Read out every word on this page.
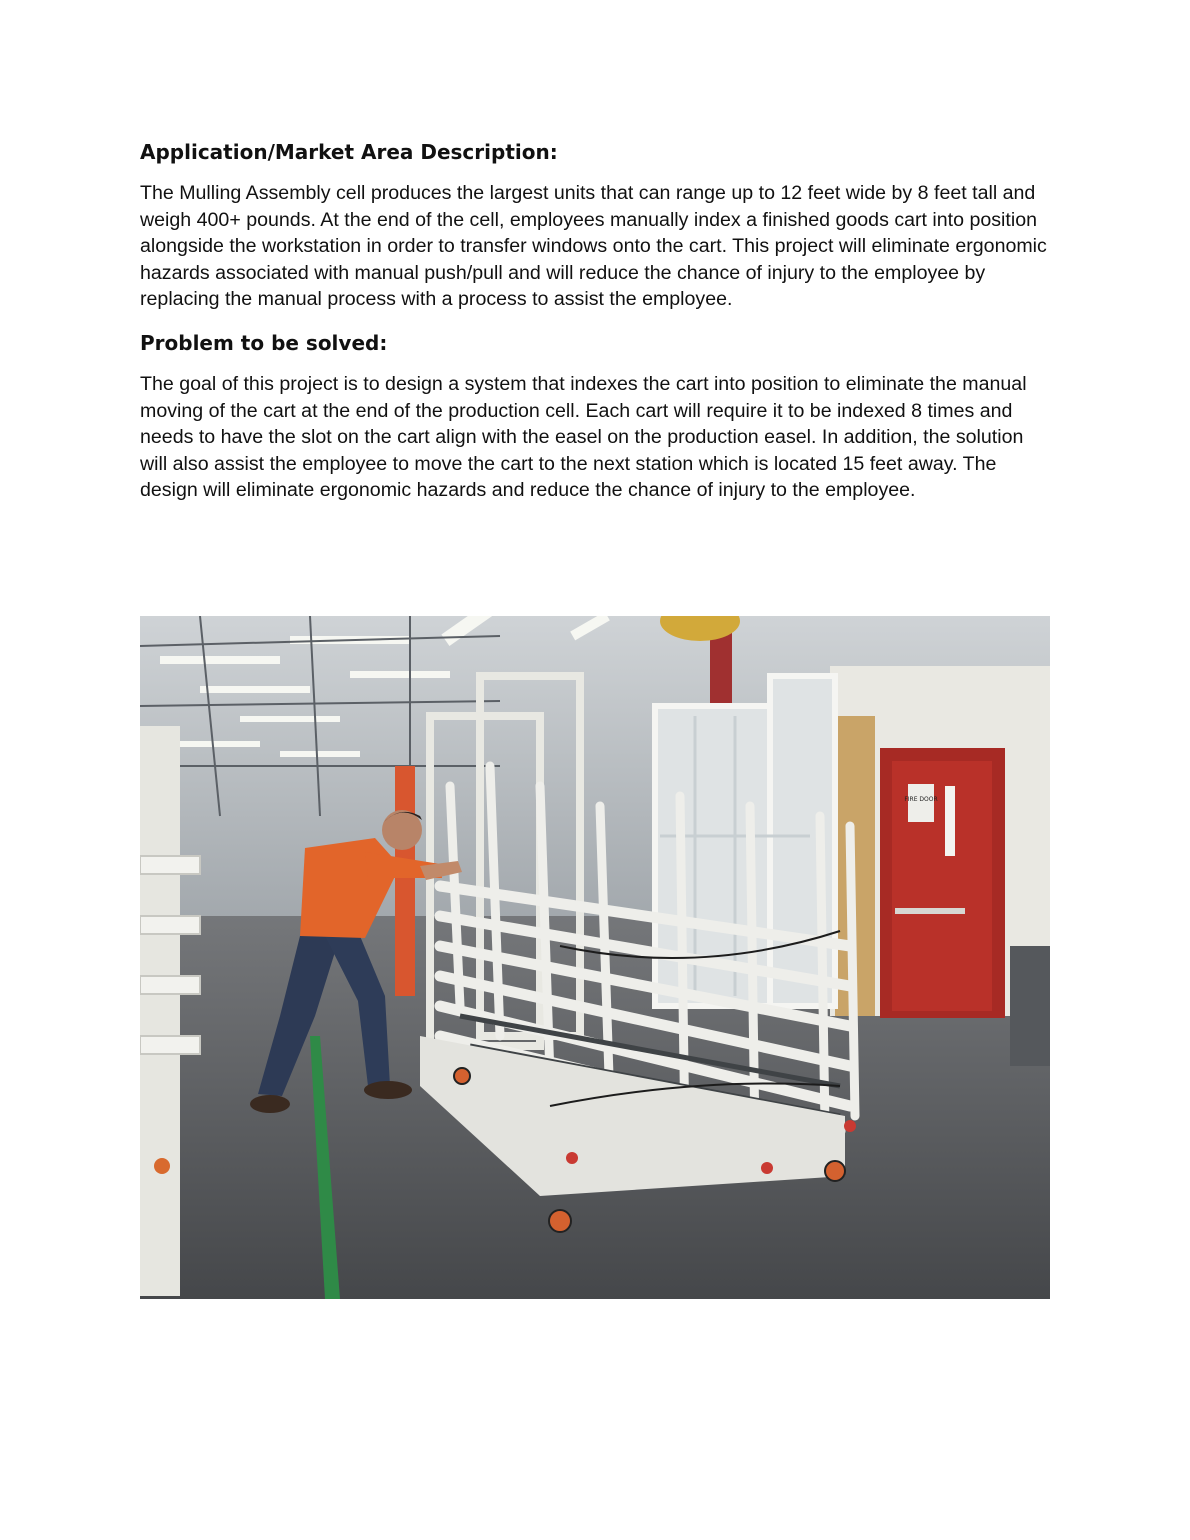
Application/Market Area Description:

The Mulling Assembly cell produces the largest units that can range up to 12 feet wide by 8 feet tall and weigh 400+ pounds. At the end of the cell, employees manually index a finished goods cart into position alongside the workstation in order to transfer windows onto the cart. This project will eliminate ergonomic hazards associated with manual push/pull and will reduce the chance of injury to the employee by replacing the manual process with a process to assist the employee.

Problem to be solved:

The goal of this project is to design a system that indexes the cart into position to eliminate the manual moving of the cart at the end of the production cell. Each cart will require it to be indexed 8 times and needs to have the slot on the cart align with the easel on the production easel. In addition, the solution will also assist the employee to move the cart to the next station which is located 15 feet away. The design will eliminate ergonomic hazards and reduce the chance of injury to the employee.

FIRE DOOR
